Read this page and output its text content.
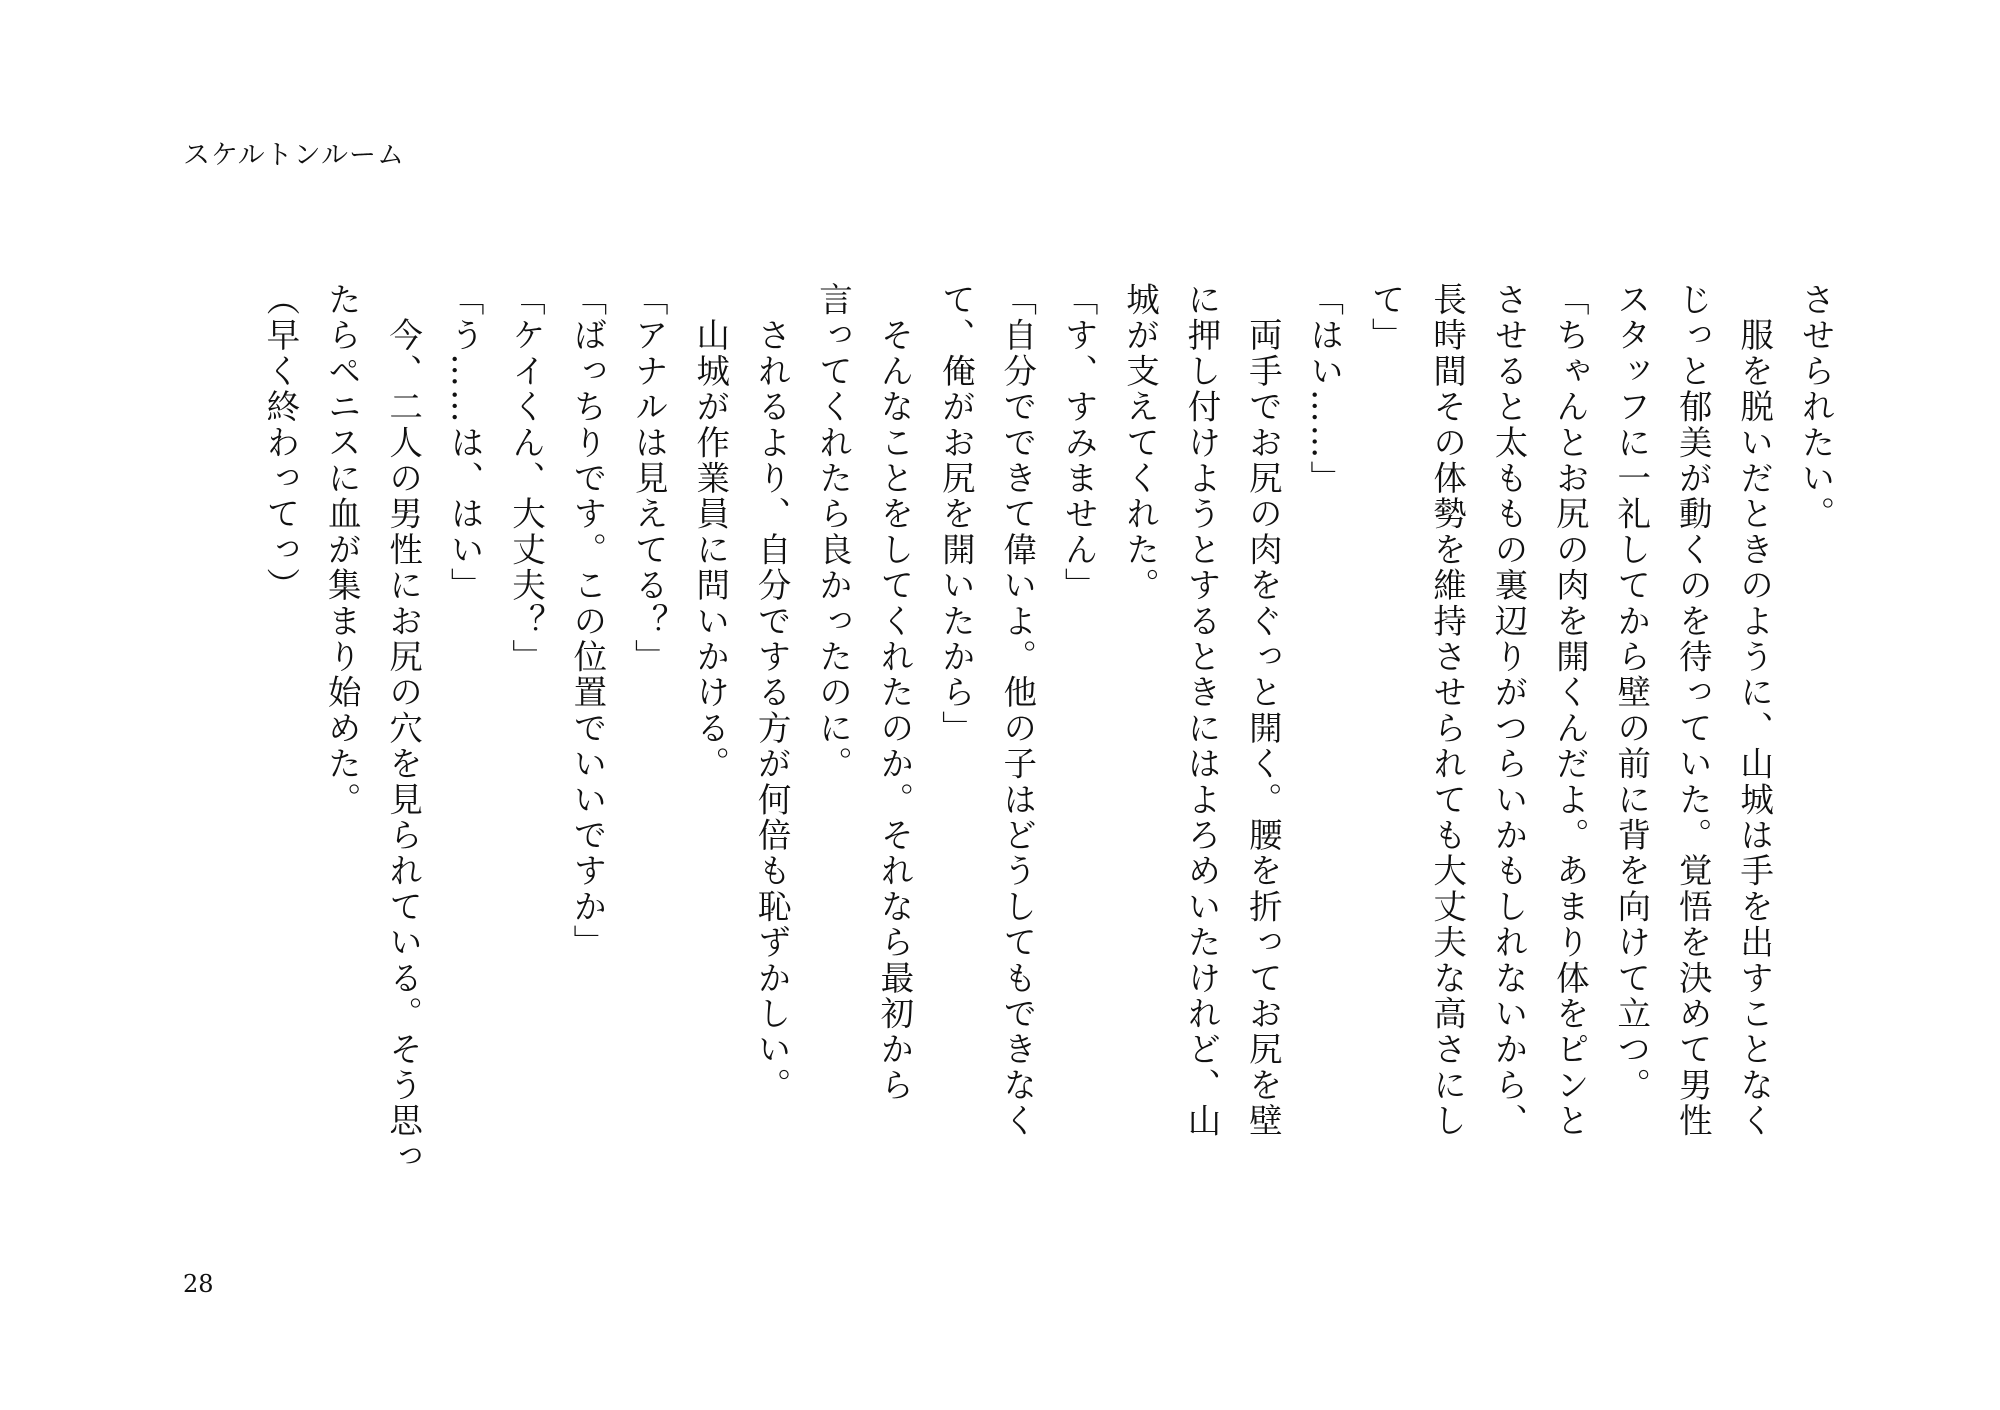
スケルトンルーム

させられたい。

　服を脱いだときのように、山城は手を出すことなく

じっと郁美が動くのを待っていた。覚悟を決めて男性

スタッフに一礼してから壁の前に背を向けて立つ。

「ちゃんとお尻の肉を開くんだよ。あまり体をピンと

させると太ももの裏辺りがつらいかもしれないから、

長時間その体勢を維持させられても大丈夫な高さにし

て」

「はい……」

　両手でお尻の肉をぐっと開く。腰を折ってお尻を壁

に押し付けようとするときにはよろめいたけれど、山

城が支えてくれた。

「す、すみません」

「自分でできて偉いよ。他の子はどうしてもできなく

て、俺がお尻を開いたから」

　そんなことをしてくれたのか。それなら最初から

言ってくれたら良かったのに。

　されるより、自分でする方が何倍も恥ずかしい。

　山城が作業員に問いかける。

「アナルは見えてる？」

「ばっちりです。この位置でいいですか」

「ケイくん、大丈夫？」

「う……は、はい」

　今、二人の男性にお尻の穴を見られている。そう思っ

たらペニスに血が集まり始めた。

（早く終わってっ）

28
